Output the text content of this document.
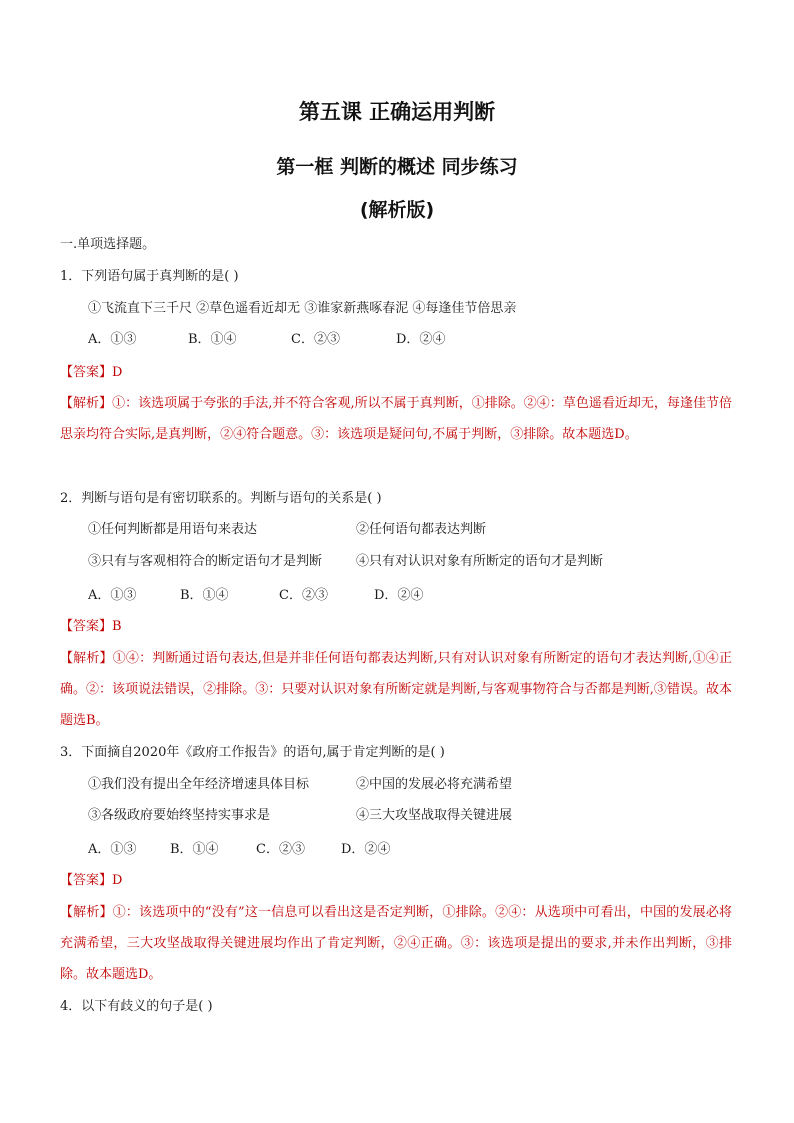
第五课 正确运用判断
第一框 判断的概述 同步练习
(解析版)
一.单项选择题。
1．下列语句属于真判断的是( )
①飞流直下三千尺 ②草色遥看近却无 ③谁家新燕啄春泥 ④每逢佳节倍思亲
A．①③	B．①④	C．②③	D．②④
【答案】D
【解析】①：该选项属于夸张的手法,并不符合客观,所以不属于真判断，①排除。②④：草色遥看近却无，每逢佳节倍思亲均符合实际,是真判断，②④符合题意。③：该选项是疑问句,不属于判断，③排除。故本题选D。
2．判断与语句是有密切联系的。判断与语句的关系是( )
①任何判断都是用语句来表达	②任何语句都表达判断
③只有与客观相符合的断定语句才是判断	④只有对认识对象有所断定的语句才是判断
A．①③	B．①④	C．②③	D．②④
【答案】B
【解析】①④：判断通过语句表达,但是并非任何语句都表达判断,只有对认识对象有所断定的语句才表达判断,①④正确。②：该项说法错误，②排除。③：只要对认识对象有所断定就是判断,与客观事物符合与否都是判断,③错误。故本题选B。
3．下面摘自2020年《政府工作报告》的语句,属于肯定判断的是( )
①我们没有提出全年经济增速具体目标	②中国的发展必将充满希望
③各级政府要始终坚持实事求是	④三大攻坚战取得关键进展
A．①③	B．①④	C．②③	D．②④
【答案】D
【解析】①：该选项中的“没有”这一信息可以看出这是否定判断，①排除。②④：从选项中可看出，中国的发展必将充满希望，三大攻坚战取得关键进展均作出了肯定判断，②④正确。③：该选项是提出的要求,并未作出判断，③排除。故本题选D。
4．以下有歧义的句子是( )
